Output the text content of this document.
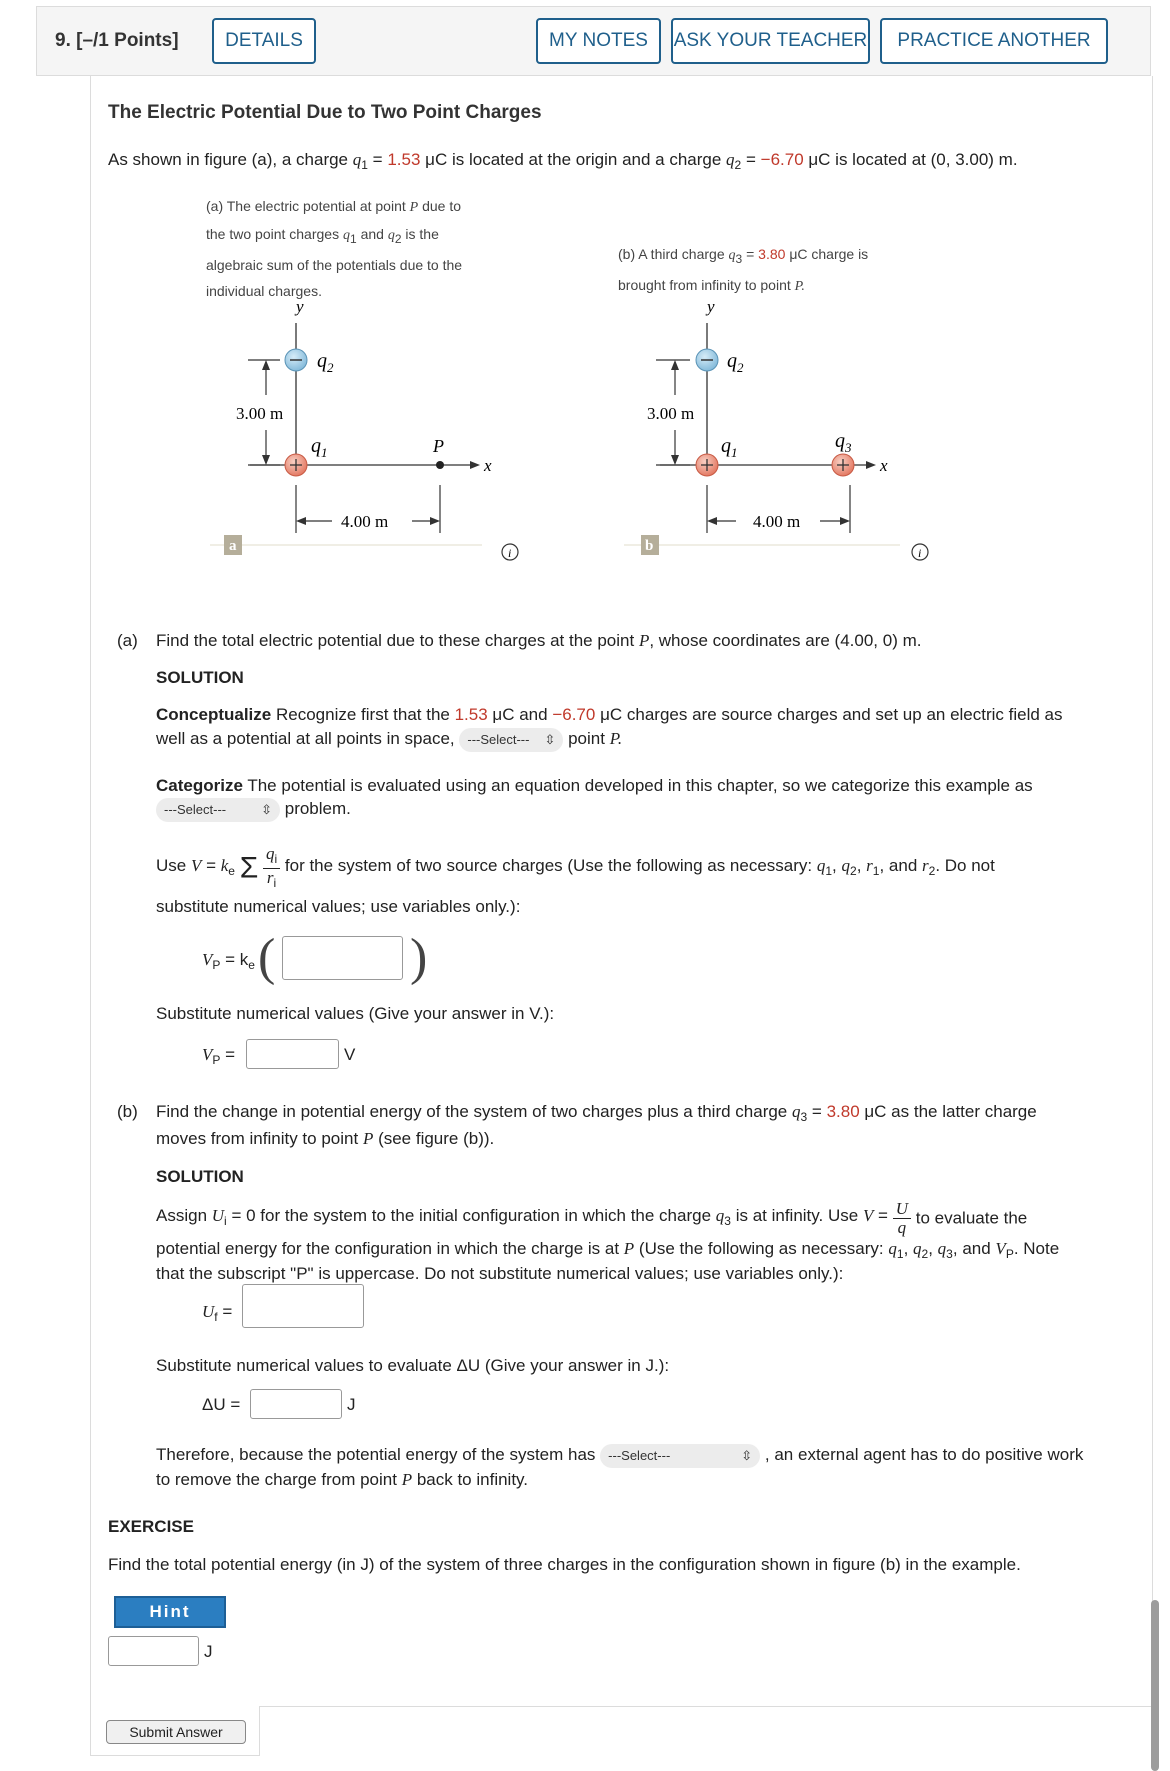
9. [–/1 Points]	DETAILS	MY NOTES	ASK YOUR TEACHER	PRACTICE ANOTHER
The Electric Potential Due to Two Point Charges
As shown in figure (a), a charge $q_1 = 1.53$ μC is located at the origin and a charge $q_2 = -6.70$ μC is located at (0, 3.00) m.
(a) The electric potential at point P due to
the two point charges $q_1$ and $q_2$ is the
algebraic sum of the potentials due to the
individual charges.
(b) A third charge $q_3 = 3.80$ μC charge is
brought from infinity to point P.
y
x
3.00 m
$q_2$
$q_1$	P
4.00 m
a	i
y
x
3.00 m
$q_2$
$q_1$
$q_3$
4.00 m
b	i
(a) Find the total electric potential due to these charges at the point P, whose coordinates are (4.00, 0) m.
SOLUTION
Conceptualize Recognize first that the 1.53 μC and −6.70 μC charges are source charges and set up an electric field as
well as a potential at all points in space, ---Select--- ⇳ point P.
Categorize The potential is evaluated using an equation developed in this chapter, so we categorize this example as
---Select---	⇳ problem.
Use $V = k_e$ Σ $\frac{q_i}{r_i}$ for the system of two source charges (Use the following as necessary: $q_1$, $q_2$, $r_1$, and $r_2$. Do not
substitute numerical values; use variables only.):
$V_P = k_e$ (	)
Substitute numerical values (Give your answer in V.):
$V_P$ =	V
(b) Find the change in potential energy of the system of two charges plus a third charge $q_3 = 3.80$ μC as the latter charge
moves from infinity to point P (see figure (b)).
SOLUTION
Assign $U_i = 0$ for the system to the initial configuration in which the charge $q_3$ is at infinity. Use $V = \frac{U}{q}$ to evaluate the
potential energy for the configuration in which the charge is at P (Use the following as necessary: $q_1$, $q_2$, $q_3$, and $V_P$. Note
that the subscript "P" is uppercase. Do not substitute numerical values; use variables only.):
$U_f$ =
Substitute numerical values to evaluate ΔU (Give your answer in J.):
ΔU =	J
Therefore, because the potential energy of the system has ---Select---	⇳ , an external agent has to do positive work
to remove the charge from point P back to infinity.
EXERCISE
Find the total potential energy (in J) of the system of three charges in the configuration shown in figure (b) in the example.
Hint
J
Submit Answer
